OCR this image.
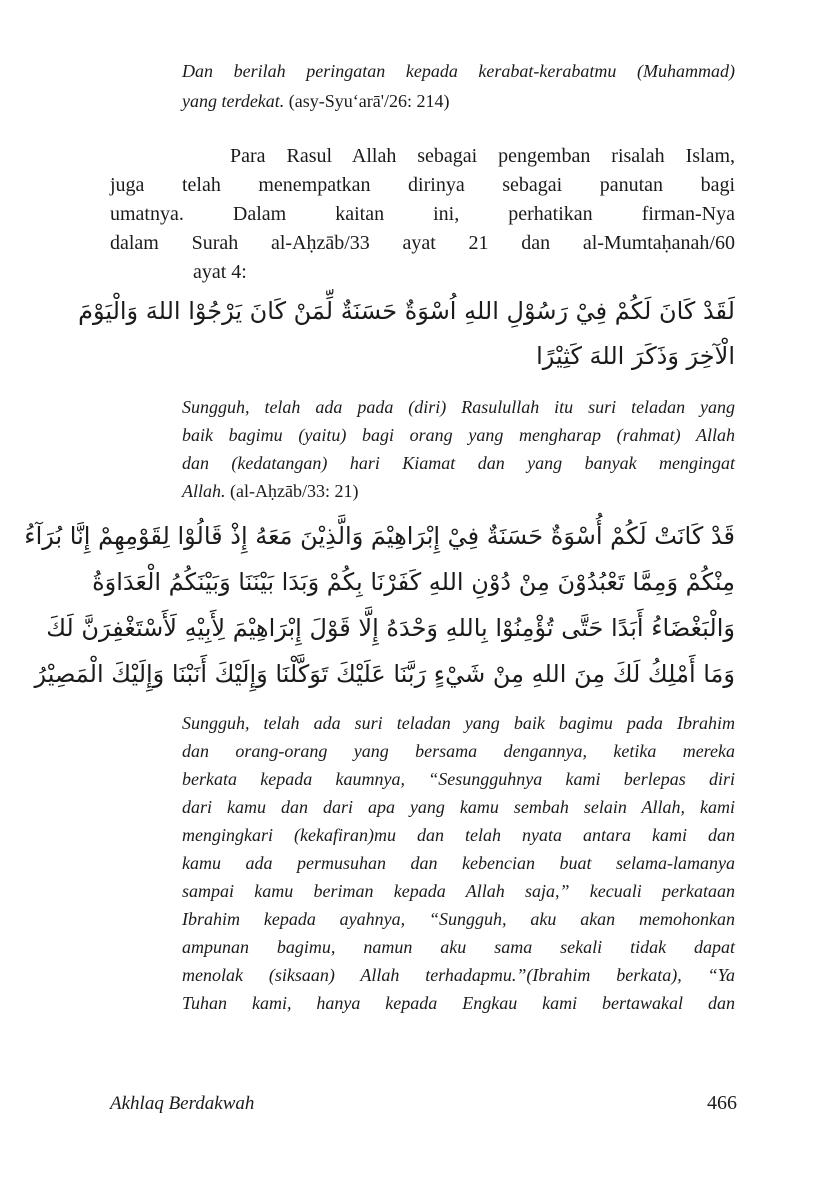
Dan berilah peringatan kepada kerabat-kerabatmu (Muhammad)
yang terdekat. (asy-Syu‘arā'/26: 214)
Para Rasul Allah sebagai pengemban risalah Islam,
juga telah menempatkan dirinya sebagai panutan bagi
umatnya. Dalam kaitan ini, perhatikan firman-Nya
dalam Surah al-Aḥzāb/33 ayat 21 dan al-Mumtaḥanah/60
ayat 4:
لَقَدْ كَانَ لَكُمْ فِيْ رَسُوْلِ اللهِ اُسْوَةٌ حَسَنَةٌ لِّمَنْ كَانَ يَرْجُوْا اللهَ وَالْيَوْمَ
الْآخِرَ وَذَكَرَ اللهَ كَثِيْرًا
Sungguh, telah ada pada (diri) Rasulullah itu suri teladan yang
baik bagimu (yaitu) bagi orang yang mengharap (rahmat) Allah
dan (kedatangan) hari Kiamat dan yang banyak mengingat
Allah. (al-Aḥzāb/33: 21)
قَدْ كَانَتْ لَكُمْ أُسْوَةٌ حَسَنَةٌ فِيْ إِبْرَاهِيْمَ وَالَّذِيْنَ مَعَهُ إِذْ قَالُوْا لِقَوْمِهِمْ إِنَّا بُرَآءُ
مِنْكُمْ وَمِمَّا تَعْبُدُوْنَ مِنْ دُوْنِ اللهِ كَفَرْنَا بِكُمْ وَبَدَا بَيْنَنَا وَبَيْنَكُمُ الْعَدَاوَةُ
وَالْبَغْضَاءُ أَبَدًا حَتَّى تُؤْمِنُوْا بِاللهِ وَحْدَهُ إِلَّا قَوْلَ إِبْرَاهِيْمَ لِأَبِيْهِ لَأَسْتَغْفِرَنَّ لَكَ
وَمَا أَمْلِكُ لَكَ مِنَ اللهِ مِنْ شَيْءٍ رَبَّنَا عَلَيْكَ تَوَكَّلْنَا وَإِلَيْكَ أَنَبْنَا وَإِلَيْكَ الْمَصِيْرُ
Sungguh, telah ada suri teladan yang baik bagimu pada Ibrahim
dan orang-orang yang bersama dengannya, ketika mereka
berkata kepada kaumnya, “Sesungguhnya kami berlepas diri
dari kamu dan dari apa yang kamu sembah selain Allah, kami
mengingkari (kekafiran)mu dan telah nyata antara kami dan
kamu ada permusuhan dan kebencian buat selama-lamanya
sampai kamu beriman kepada Allah saja,” kecuali perkataan
Ibrahim kepada ayahnya, “Sungguh, aku akan memohonkan
ampunan bagimu, namun aku sama sekali tidak dapat
menolak (siksaan) Allah terhadapmu.”(Ibrahim berkata), “Ya
Tuhan kami, hanya kepada Engkau kami bertawakal dan
Akhlaq Berdakwah	466
